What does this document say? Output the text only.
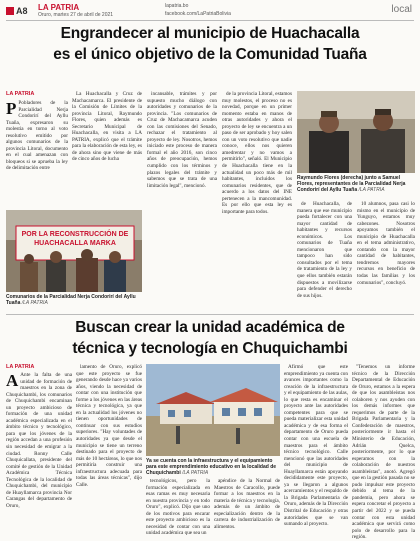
A8 LA PATRIA
Oruro, martes 27 de abril de 2021
lapatria.bo
facebook.com/LaPatriaBolivia	local
Engrandecer al municipio de Huachacalla
es el único objetivo de la Comunidad Tuaña
LA PATRIA
P Pobladores de la Parcialidad Nerja Condorirí del Ayllu Tuaña, expresaron su molestia en torno al voto resolutivo emitido por algunos comunarios de la provincia Litoral, documento en el cual amenazan con bloqueos si se aprueba la ley de delimitación entre
POR LA RECONSTRUCCIÓN DE
HUACHACALLA MARKA
Comunarios de la Parcialidad Nerja Condorirí del Ayllu Tuaña /LA PATRIA

La Huachacalla y Cruz de Machacamarca. El presidente de la Comisión de Límites de la provincia Litoral, Raymundo Flores, quien además es Secretario Municipal de Huachacalla, en visita a LA PATRIA, explicó que el trámite para la elaboración de esta ley, es de ahora sino que viene de más de cinco años de lucha

incansable, trámites y por supuesto mucho diálogo con autoridades y comunarios de la provincia. "Los comunarios de Cruz de Machacamarca acuden con las comisiones del Senado, rechazar el tratamiento al proyecto de ley. Nosotros, hemos iniciado este proceso de manera formal el año 2016, son cinco años de preocupación, hemos cumplido con los términos y plazos legales del trámite y sabemos que se trata de una limitación legal", mencionó.

de la provincia Litoral, estamos muy molestos, el proceso no es novedad, porque en un primer momento estaba en manos de otras autoridades y ahora el proyecto de ley se encuentra a un paso de ser aprobado y hoy salen con un voto resolutivo que nadie conoce, ellos nos quieren amedrentar y no vamos a permitirlo", señaló. El Municipio de Huachacalla tiene en la actualidad un poco más de mil habitantes, incluidos los comunarios residentes, que de acuerdo a los datos del INE pertenecen a la mancomunidad. Es por ello que esta ley es importante para todos.

Raymundo Flores (derecha) junto a Samuel Flores, representantes de la Parcialidad Nerja Condorirí del Ayllu Tuaña /LA PATRIA

de Huachacalla, de manera que ese municipio pueda fortalecer con una mayor cantidad de habitantes y recursos económicos. Los comunarios de Tuaña mencionaron que tampoco han sido consultados por el tema de tratamiento de la ley y que ellos también estarán dispuestos a movilizarse para defender el derecho de sus hijos.

10 alumnos, pasa casi lo mismo en el municipio de Yunguyo, estamos muy cabezones. Nosotros apoyamos también el municipio de Huachacalla en el tema administrativo, contando con la mayor cantidad de habitantes, tendremos mayores recursos en beneficio de todas las familias y los comunarios", concluyó.

Buscan crear la unidad académica de
técnica y tecnología en Chuquichambi
LA PATRIA
A Ante la falta de una unidad de formación de maestros en la zona de Chuquichambi, los comunarios de Chuquichambi encaminan un proyecto ambicioso de formación de una unidad académica especializada en el ámbito técnico y tecnológico, para que los jóvenes de la región accedan a una profesión sin necesidad de emigrar a la ciudad. Ronny Calle Chuquicallata, presidente del comité de gestión de la Unidad Académica Técnica Tecnológica de la localidad de Chuquichambi, del municipio de Huayllamarca provincia Nor Carangas del departamento de Oruro,

lamento de Oruro, explicó que este proyecto se fue generando desde hace ya varios años, viendo la necesidad de contar con una institución que forme a los jóvenes en las áreas técnica y tecnológica, ya que en la actualidad los jóvenes no tienen oportunidades de continuar con sus estudios superiores. "Hay voluntades de autoridades ya que desde el municipio se tiene un terreno destinado para el proyecto de más de 10 hectáreas, lo que nos permitiría construir una infraestructura adecuada para todas las áreas técnicas", dijo Calle.

Ya se cuenta con la infraestructura y el equipamiento para este emprendimiento educativo en la localidad de Chuquichambi /LA PATRIA

tecnológicos, pero la formación especializada en esas ramas es muy necesaria en nuestra provincia y en todo Oruro", explicó. Dijo que uno de los motivos para encarar este proyecto ambicioso es la necesidad de contar con una unidad académica que sea un

apéndice de la Normal de Maestros de Caracollo, puede formar a los maestros en la materia de técnica y tecnología, además de un ámbito de especialización dentro de la carrera de industrialización de alimentos.

Afirmó que este emprendimiento ya cuenta con avances importantes como la creación de la infraestructura y el equipamiento de las aulas, lo que resta es encaminar el proyecto ante las autoridades competentes para que se pueda materializar esta unidad académica y de esa forma el departamento de Oruro pueda contar con una escuela de maestros para el ámbito técnico tecnológico. Calle mencionó que las autoridades del municipio de Huayllamarca están apoyando decididamente este proyecto, ya se llegaron a algunos acercamientos y el respaldo de la Brigada Parlamentaria de Oruro, además de la Dirección Distrital de Educación y otras autoridades que se van sumando al proyecto.

"Tenemos un informe técnico de la Dirección Departamental de Educación de Oruro, estamos a la espera de que los asambleístas nos colaboren y nos ayuden con los demás informes que requerimos de parte de la Brigada Parlamentaria y la Confederación de maestros, posteriormente ir hasta el Ministerio de Educación, Adrián Quelca, posteriormente, por lo que esperamos con la colaboración de nuestros asambleístas", anotó. Agregó que en la gestión pasada no se pudo impulsar este proyecto debido al tema de la pandemia, pero ahora se espera concretar el proyecto a partir del 2022 y se pueda contar con esta unidad académica que servirá como polo de desarrollo para la región.
